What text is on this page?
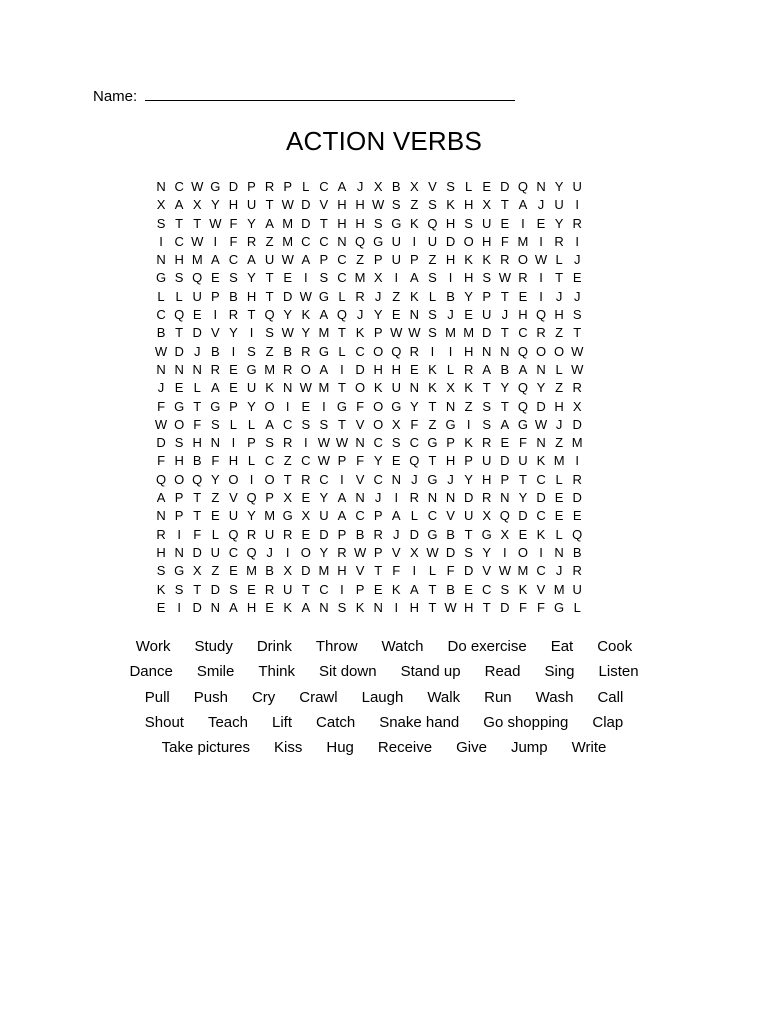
Name:
ACTION VERBS
N C W G D P R P L C A J X B X V S L E D Q N Y U
X A X Y H U T W D V H H W S Z S K H X T A J U I
S T T W F Y A M D T H H S G K Q H S U E I E Y R
I C W I F R Z M C C N Q G U I U D O H F M I R I
N H M A C A U W A P C Z P U P Z H K K R O W L J
G S Q E S Y T E I S C M X I A S I H S W R I T E
L L U P B H T D W G L R J Z K L B Y P T E I	J J
C Q E I R T Q Y K A Q J Y E N S J E U J H Q H S
B T D V Y I S W Y M T K P W W S M M D T C R Z T
W D J B I S Z B R G L C O Q R I	I H N N Q O O W
N N N R E G M R O A I D H H E K L R A B A N L W
J E L A E U K N W M T O K U N K X K T Y Q Y Z R
F G T G P Y O I E I G F O G Y T N Z S T Q D H X
W O F S L L A C S S T V O X F Z G I S A G W J D
D S H N I P S R I W W N C S C G P K R E F N Z M
F H B F H L C Z C W P F Y E Q T H P U D U K M I
Q O Q Y O I O T R C I V C N J G J Y H P T C L R
A P T Z V Q P X E Y A N J	I R N N D R N Y D E D
N P T E U Y M G X U A C P A L C V U X Q D C E E
R I F L Q R U R E D P B R J D G B T G X E K L Q
H N D U C Q J	I O Y R W P V X W D S Y I O I N B
S G X Z E M B X D M H V T F I L F D V W M C J R
K S T D S E R U T C I P E K A T B E C S K V M U
E I D N A H E K A N S K N I H T W H T D F F G L
Work Study Drink Throw Watch Do exercise Eat Cook
Dance Smile Think Sit down Stand up Read Sing Listen
Pull Push Cry Crawl Laugh Walk Run Wash Call
Shout Teach Lift Catch Snake hand Go shopping Clap
Take pictures Kiss Hug Receive Give Jump Write
